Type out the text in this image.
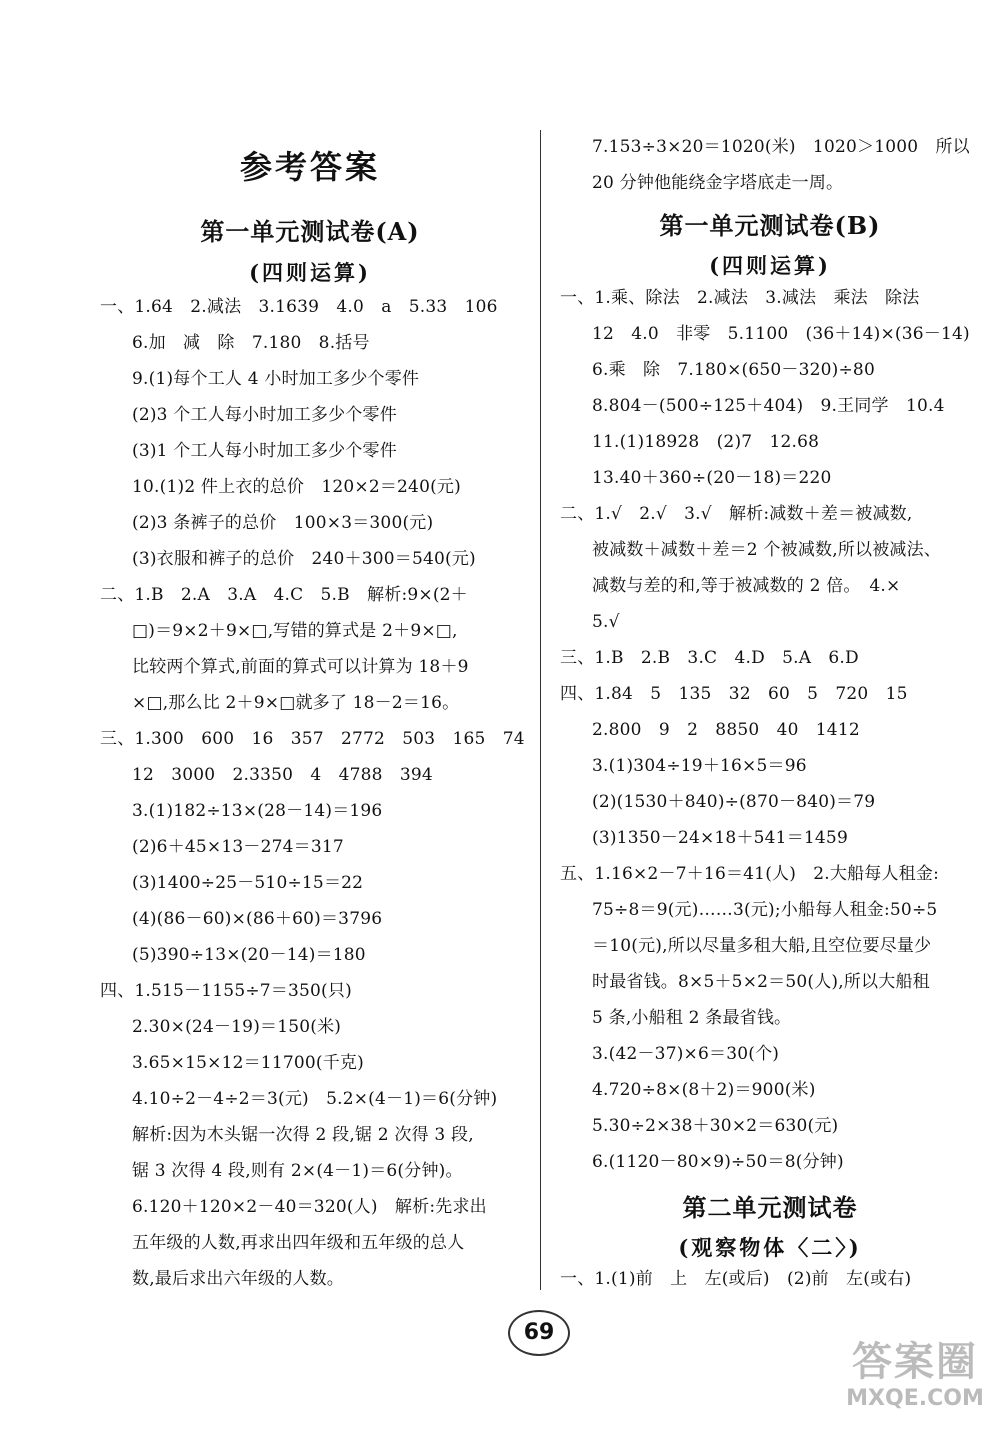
参考答案
第一单元测试卷(A)
(四则运算)
一、1.64　2.减法　3.1639　4.0　a　5.33　106
6.加　减　除　7.180　8.括号
9.(1)每个工人 4 小时加工多少个零件
(2)3 个工人每小时加工多少个零件
(3)1 个工人每小时加工多少个零件
10.(1)2 件上衣的总价　120×2＝240(元)
(2)3 条裤子的总价　100×3＝300(元)
(3)衣服和裤子的总价　240＋300＝540(元)
二、1.B　2.A　3.A　4.C　5.B　解析:9×(2＋
□)＝9×2＋9×□,写错的算式是 2＋9×□,
比较两个算式,前面的算式可以计算为 18＋9
×□,那么比 2＋9×□就多了 18－2＝16。
三、1.300　600　16　357　2772　503　165　74
12　3000　2.3350　4　4788　394
3.(1)182÷13×(28－14)＝196
(2)6＋45×13－274＝317
(3)1400÷25－510÷15＝22
(4)(86－60)×(86＋60)＝3796
(5)390÷13×(20－14)＝180
四、1.515－1155÷7＝350(只)
2.30×(24－19)＝150(米)
3.65×15×12＝11700(千克)
4.10÷2－4÷2＝3(元)　5.2×(4－1)＝6(分钟)
解析:因为木头锯一次得 2 段,锯 2 次得 3 段,
锯 3 次得 4 段,则有 2×(4－1)＝6(分钟)。
6.120＋120×2－40＝320(人)　解析:先求出
五年级的人数,再求出四年级和五年级的总人
数,最后求出六年级的人数。
7.153÷3×20＝1020(米)　1020＞1000　所以
20 分钟他能绕金字塔底走一周。
第一单元测试卷(B)
(四则运算)
一、1.乘、除法　2.减法　3.减法　乘法　除法
12　4.0　非零　5.1100　(36＋14)×(36－14)
6.乘　除　7.180×(650－320)÷80
8.804－(500÷125＋404)　9.王同学　10.4
11.(1)18928　(2)7　12.68
13.40＋360÷(20－18)＝220
二、1.√　2.√　3.√　解析:减数＋差＝被减数,
被减数＋减数＋差＝2 个被减数,所以被减法、
减数与差的和,等于被减数的 2 倍。　4.×
5.√
三、1.B　2.B　3.C　4.D　5.A　6.D
四、1.84　5　135　32　60　5　720　15
2.800　9　2　8850　40　1412
3.(1)304÷19＋16×5＝96
(2)(1530＋840)÷(870－840)＝79
(3)1350－24×18＋541＝1459
五、1.16×2－7＋16＝41(人)　2.大船每人租金:
75÷8＝9(元)……3(元);小船每人租金:50÷5
＝10(元),所以尽量多租大船,且空位要尽量少
时最省钱。8×5＋5×2＝50(人),所以大船租
5 条,小船租 2 条最省钱。
3.(42－37)×6＝30(个)
4.720÷8×(8＋2)＝900(米)
5.30÷2×38＋30×2＝630(元)
6.(1120－80×9)÷50＝8(分钟)
第二单元测试卷
(观察物体〈二〉)
一、1.(1)前　上　左(或后)　(2)前　左(或右)
69
答案圈
MXQE.COM
